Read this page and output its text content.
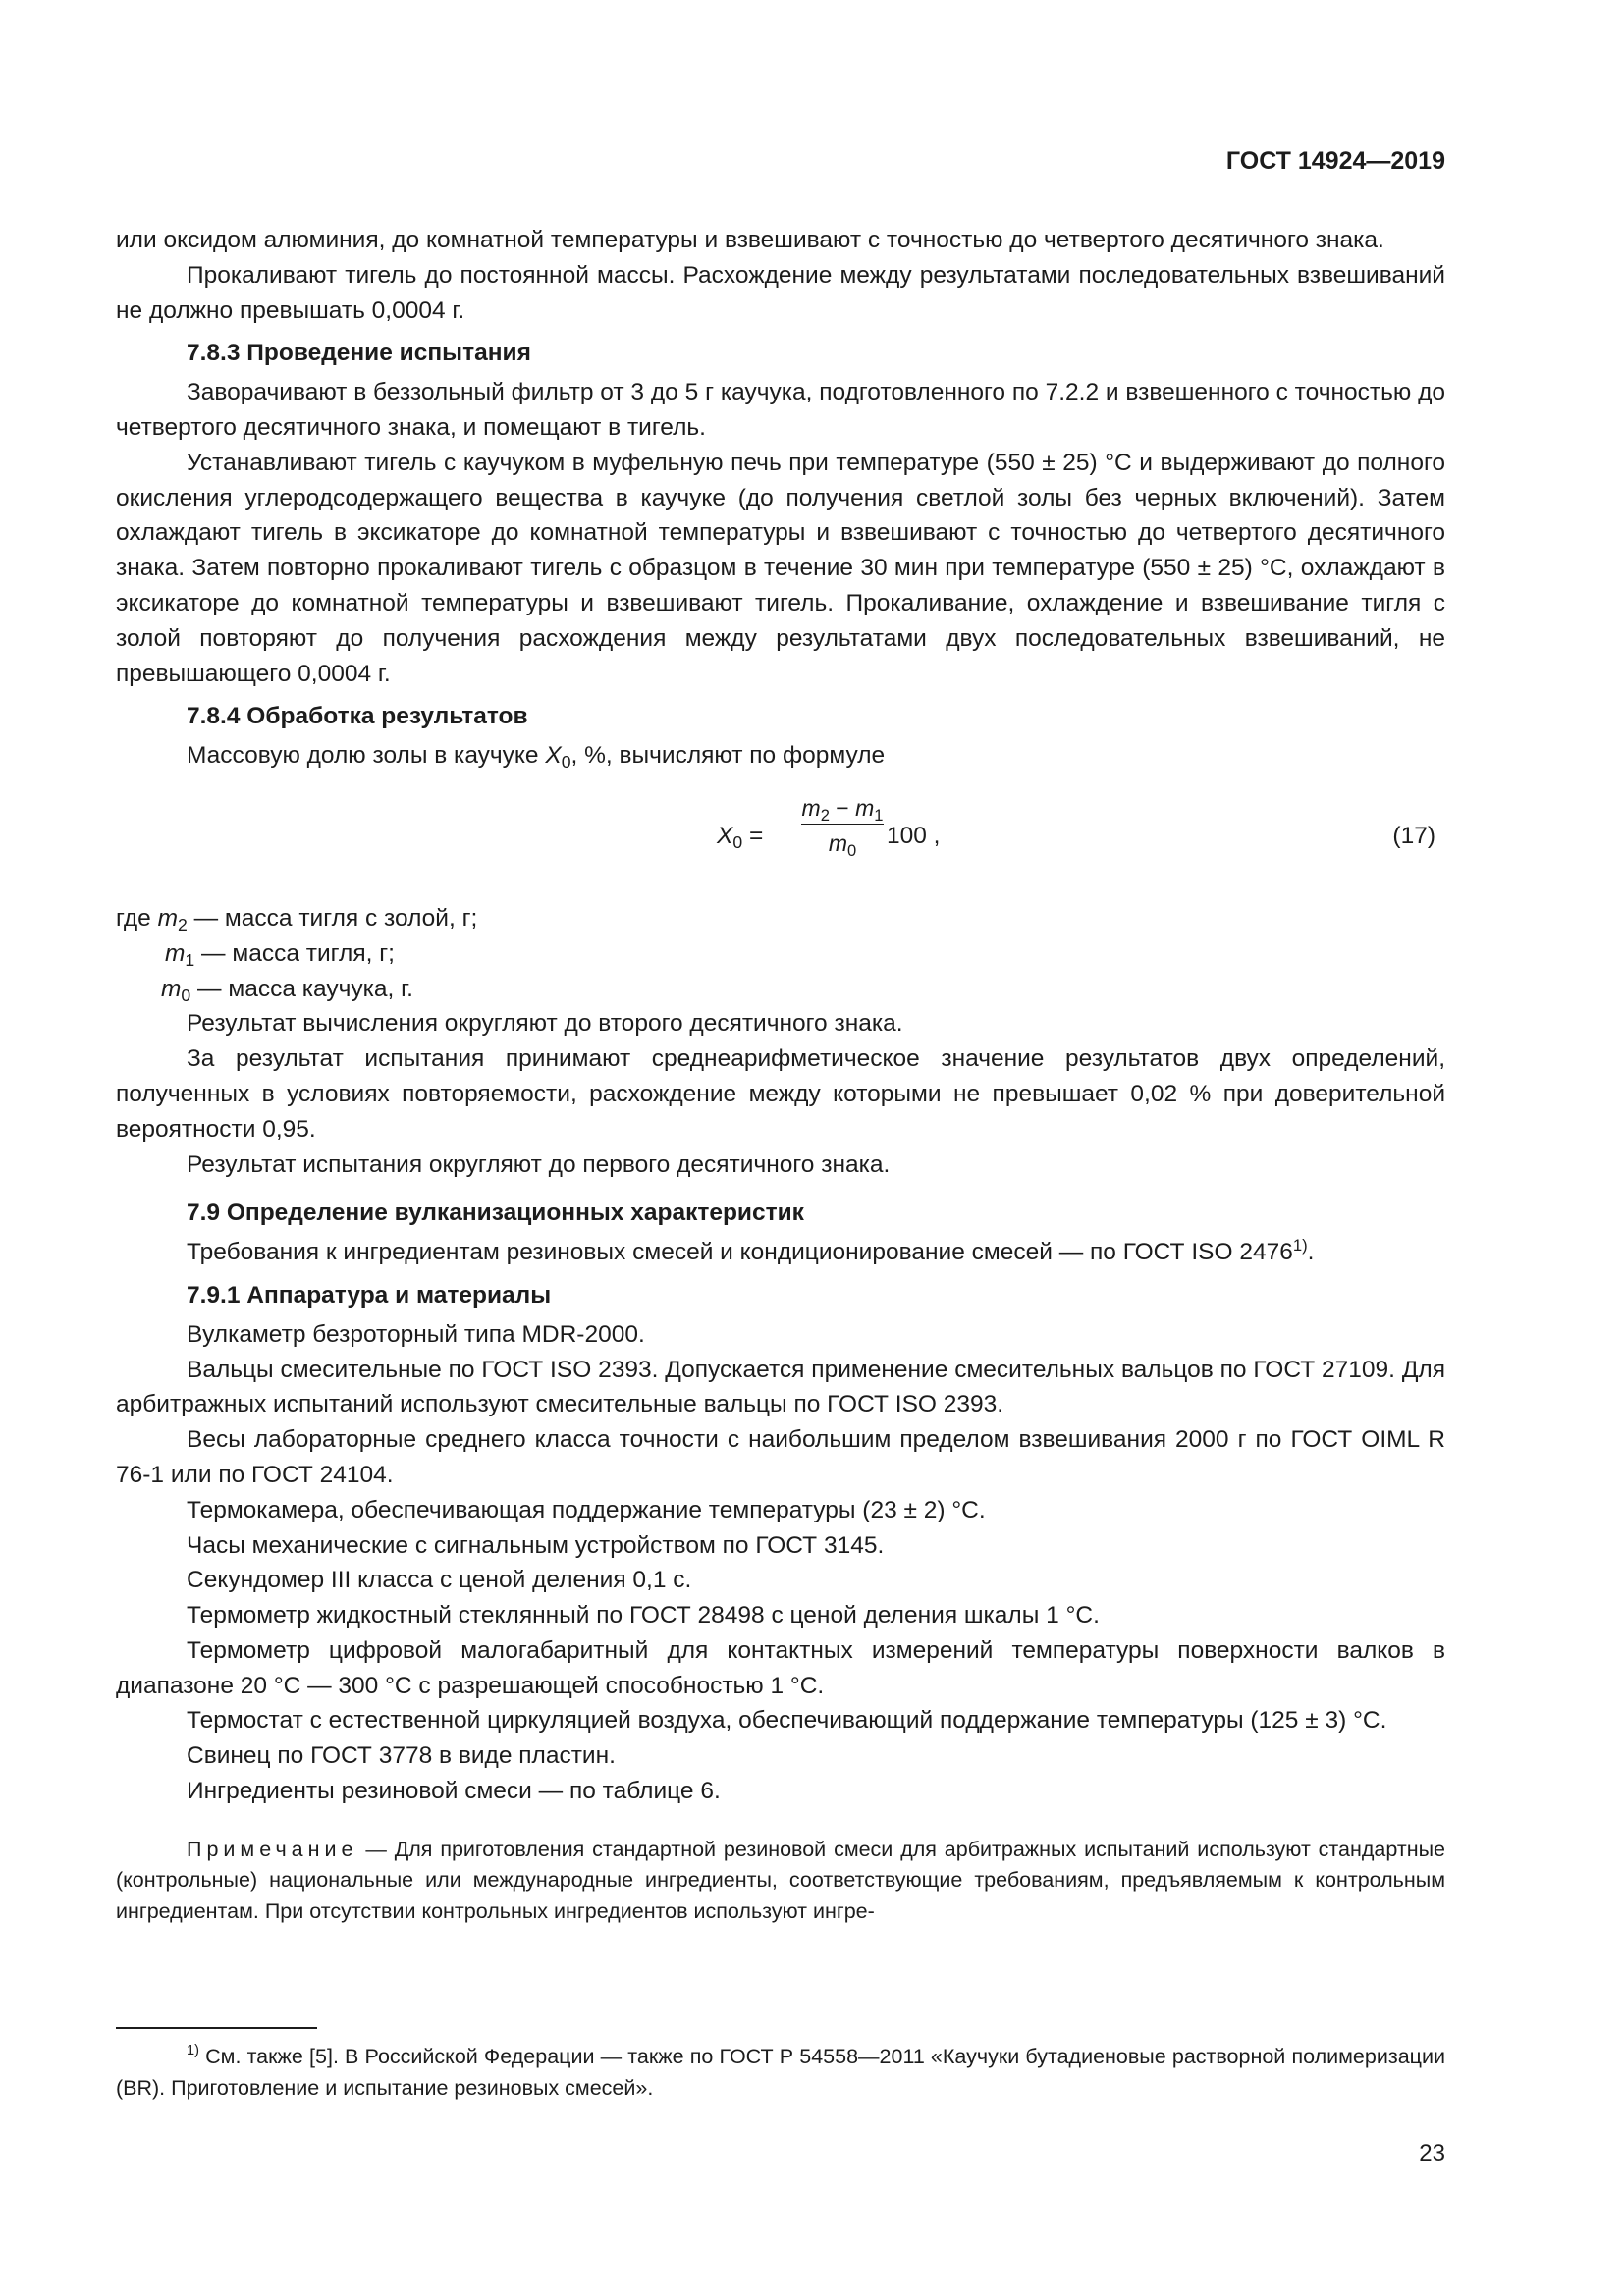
ГОСТ 14924—2019

или оксидом алюминия, до комнатной температуры и взвешивают с точностью до четвертого десятичного знака.

Прокаливают тигель до постоянной массы. Расхождение между результатами последовательных взвешиваний не должно превышать 0,0004 г.

7.8.3 Проведение испытания

Заворачивают в беззольный фильтр от 3 до 5 г каучука, подготовленного по 7.2.2 и взвешенного с точностью до четвертого десятичного знака, и помещают в тигель.

Устанавливают тигель с каучуком в муфельную печь при температуре (550 ± 25) °С и выдерживают до полного окисления углеродсодержащего вещества в каучуке (до получения светлой золы без черных включений). Затем охлаждают тигель в эксикаторе до комнатной температуры и взвешивают с точностью до четвертого десятичного знака. Затем повторно прокаливают тигель с образцом в течение 30 мин при температуре (550 ± 25) °С, охлаждают в эксикаторе до комнатной температуры и взвешивают тигель. Прокаливание, охлаждение и взвешивание тигля с золой повторяют до получения расхождения между результатами двух последовательных взвешиваний, не превышающего 0,0004 г.

7.8.4 Обработка результатов

Массовую долю золы в каучуке $X_0$, %, вычисляют по формуле

$X_0$ =
$m_2 - m_1$
$m_0$
100 ,	(17)

где $m_2$ — масса тигля с золой, г;

$m_1$ — масса тигля, г;

$m_0$ — масса каучука, г.

Результат вычисления округляют до второго десятичного знака.

За результат испытания принимают среднеарифметическое значение результатов двух определений, полученных в условиях повторяемости, расхождение между которыми не превышает 0,02 % при доверительной вероятности 0,95.

Результат испытания округляют до первого десятичного знака.

7.9 Определение вулканизационных характеристик

Требования к ингредиентам резиновых смесей и кондиционирование смесей — по ГОСТ ISO 2476$^{1)}$.

7.9.1 Аппаратура и материалы

Вулкаметр безроторный типа MDR-2000.

Вальцы смесительные по ГОСТ ISO 2393. Допускается применение смесительных вальцов по ГОСТ 27109. Для арбитражных испытаний используют смесительные вальцы по ГОСТ ISO 2393.

Весы лабораторные среднего класса точности с наибольшим пределом взвешивания 2000 г по ГОСТ OIML R 76-1 или по ГОСТ 24104.

Термокамера, обеспечивающая поддержание температуры (23 ± 2) °С.

Часы механические с сигнальным устройством по ГОСТ 3145.

Секундомер III класса с ценой деления 0,1 с.

Термометр жидкостный стеклянный по ГОСТ 28498 с ценой деления шкалы 1 °С.

Термометр цифровой малогабаритный для контактных измерений температуры поверхности валков в диапазоне 20 °С — 300 °С с разрешающей способностью 1 °С.

Термостат с естественной циркуляцией воздуха, обеспечивающий поддержание температуры (125 ± 3) °С.

Свинец по ГОСТ 3778 в виде пластин.

Ингредиенты резиновой смеси — по таблице 6.

Примечание — Для приготовления стандартной резиновой смеси для арбитражных испытаний используют стандартные (контрольные) национальные или международные ингредиенты, соответствующие требованиям, предъявляемым к контрольным ингредиентам. При отсутствии контрольных ингредиентов используют ингре-

$^{1)}$ См. также [5]. В Российской Федерации — также по ГОСТ Р 54558—2011 «Каучуки бутадиеновые растворной полимеризации (BR). Приготовление и испытание резиновых смесей».

23
